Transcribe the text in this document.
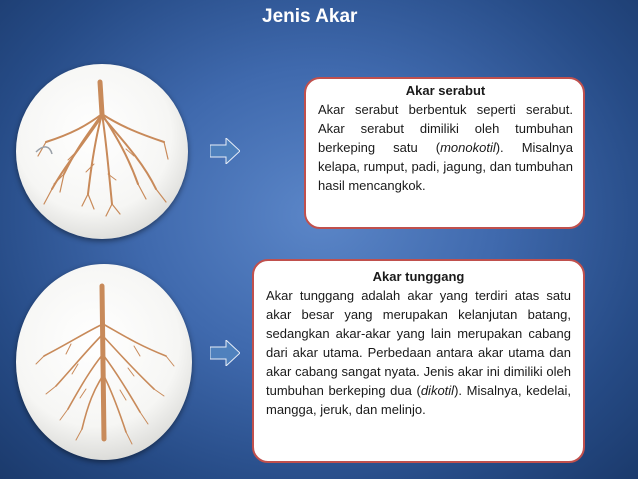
Jenis Akar
Akar serabut
Akar serabut berbentuk seperti serabut. Akar serabut dimiliki oleh tumbuhan berkeping satu (monokotil). Misalnya kelapa, rumput, padi, jagung, dan tumbuhan hasil mencangkok.
Akar tunggang
Akar tunggang adalah akar yang terdiri atas satu akar besar yang merupakan kelanjutan batang, sedangkan akar-akar yang lain merupakan cabang dari akar utama. Perbedaan antara akar utama dan akar cabang sangat nyata. Jenis akar ini dimiliki oleh tumbuhan berkeping dua (dikotil). Misalnya, kedelai, mangga, jeruk, dan melinjo.
